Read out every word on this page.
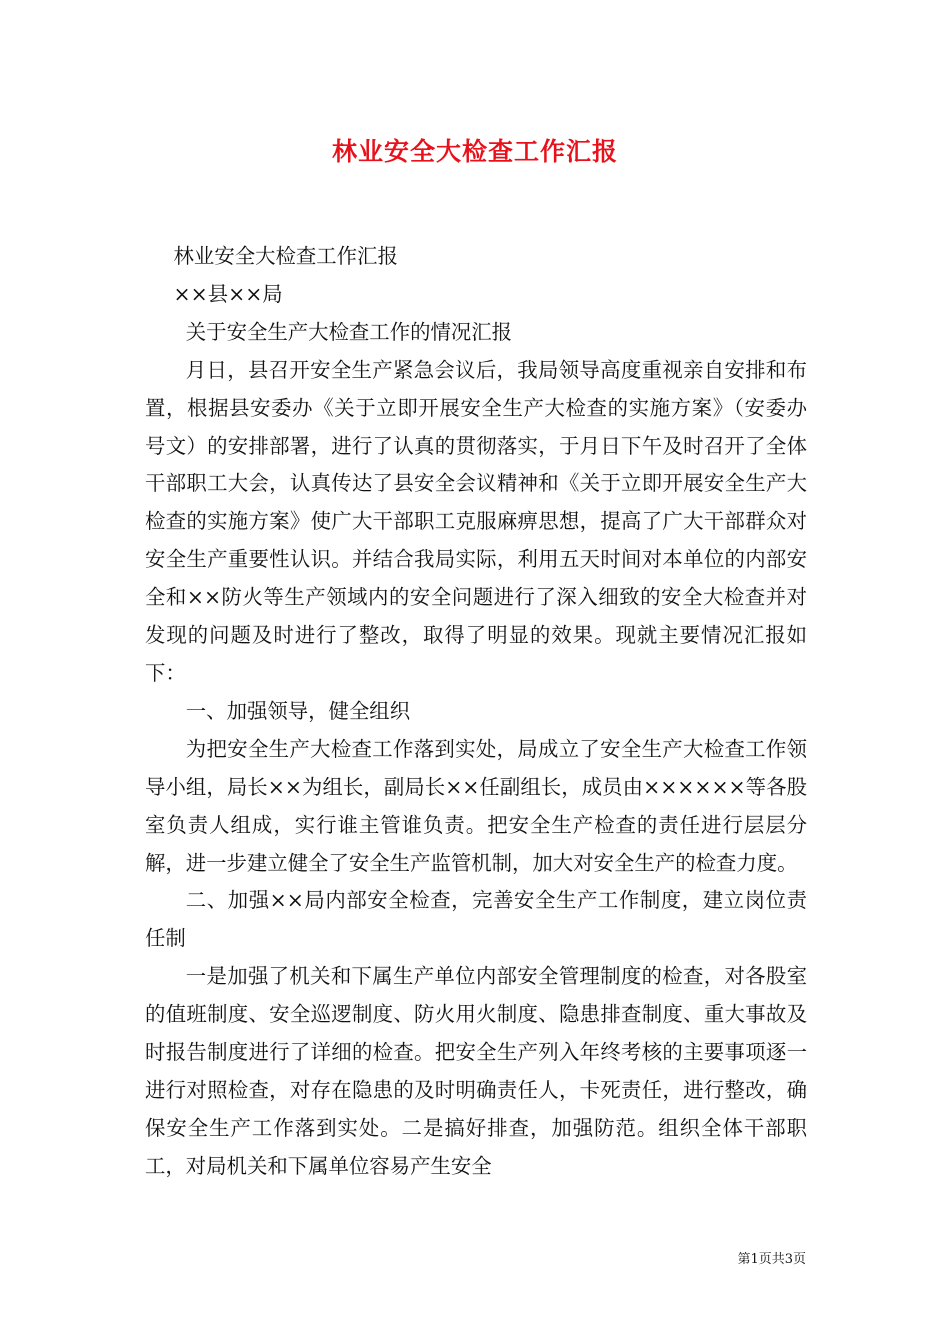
林业安全大检查工作汇报

林业安全大检查工作汇报

××县××局

关于安全生产大检查工作的情况汇报

月日，县召开安全生产紧急会议后，我局领导高度重视亲自安排和布置，根据县安委办《关于立即开展安全生产大检查的实施方案》（安委办号文）的安排部署，进行了认真的贯彻落实，于月日下午及时召开了全体干部职工大会，认真传达了县安全会议精神和《关于立即开展安全生产大检查的实施方案》使广大干部职工克服麻痹思想，提高了广大干部群众对安全生产重要性认识。并结合我局实际，利用五天时间对本单位的内部安全和××防火等生产领域内的安全问题进行了深入细致的安全大检查并对发现的问题及时进行了整改，取得了明显的效果。现就主要情况汇报如下：

一、加强领导，健全组织

为把安全生产大检查工作落到实处，局成立了安全生产大检查工作领导小组，局长××为组长，副局长××任副组长，成员由××××××等各股室负责人组成，实行谁主管谁负责。把安全生产检查的责任进行层层分解，进一步建立健全了安全生产监管机制，加大对安全生产的检查力度。

二、加强××局内部安全检查，完善安全生产工作制度，建立岗位责任制

一是加强了机关和下属生产单位内部安全管理制度的检查，对各股室的值班制度、安全巡逻制度、防火用火制度、隐患排查制度、重大事故及时报告制度进行了详细的检查。把安全生产列入年终考核的主要事项逐一进行对照检查，对存在隐患的及时明确责任人，卡死责任，进行整改，确保安全生产工作落到实处。二是搞好排查，加强防范。组织全体干部职工，对局机关和下属单位容易产生安全

第1页共3页
